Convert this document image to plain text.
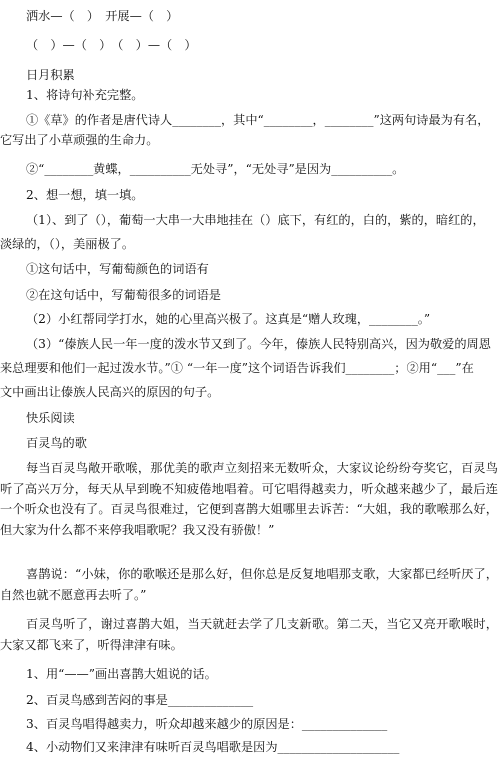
洒水—（　）　开展—（　）
（　）—（　）　（　）—（　）
日月积累
1、将诗句补充完整。
①《草》的作者是唐代诗人________，其中“________，________”这两句诗最为有名，
它写出了小草顽强的生命力。
②“________黄蝶，__________无处寻”，“无处寻”是因为__________。
2、想一想，填一填。
（1）、到了（），葡萄一大串一大串地挂在（）底下，有红的，白的，紫的，暗红的，
淡绿的，（），美丽极了。
①这句话中，写葡萄颜色的词语有
②在这句话中，写葡萄很多的词语是
（2）小红帮同学打水，她的心里高兴极了。这真是“赠人玫瑰，________。”
（3）“傣族人民一年一度的泼水节又到了。今年，傣族人民特别高兴，因为敬爱的周恩
来总理要和他们一起过泼水节。”① “一年一度”这个词语告诉我们________；②用“___”在
文中画出让傣族人民高兴的原因的句子。
快乐阅读
百灵鸟的歌
每当百灵鸟敞开歌喉，那优美的歌声立刻招来无数听众，大家议论纷纷夸奖它，百灵鸟听了高兴万分，每天从早到晚不知疲倦地唱着。可它唱得越卖力，听众越来越少了，最后连一个听众也没有了。百灵鸟很难过，它便到喜鹊大姐哪里去诉苦：“大姐，我的歌喉那么好，但大家为什么都不来停我唱歌呢？我又没有骄傲！”
喜鹊说：“小妹，你的歌喉还是那么好，但你总是反复地唱那支歌，大家都已经听厌了，自然也就不愿意再去听了。”
百灵鸟听了，谢过喜鹊大姐，当天就赶去学了几支新歌。第二天，当它又亮开歌喉时，大家又都飞来了，听得津津有味。
1、用“——”画出喜鹊大姐说的话。
2、百灵鸟感到苦闷的事是______________
3、百灵鸟唱得越卖力，听众却越来越少的原因是：______________
4、小动物们又来津津有味听百灵鸟唱歌是因为____________________
